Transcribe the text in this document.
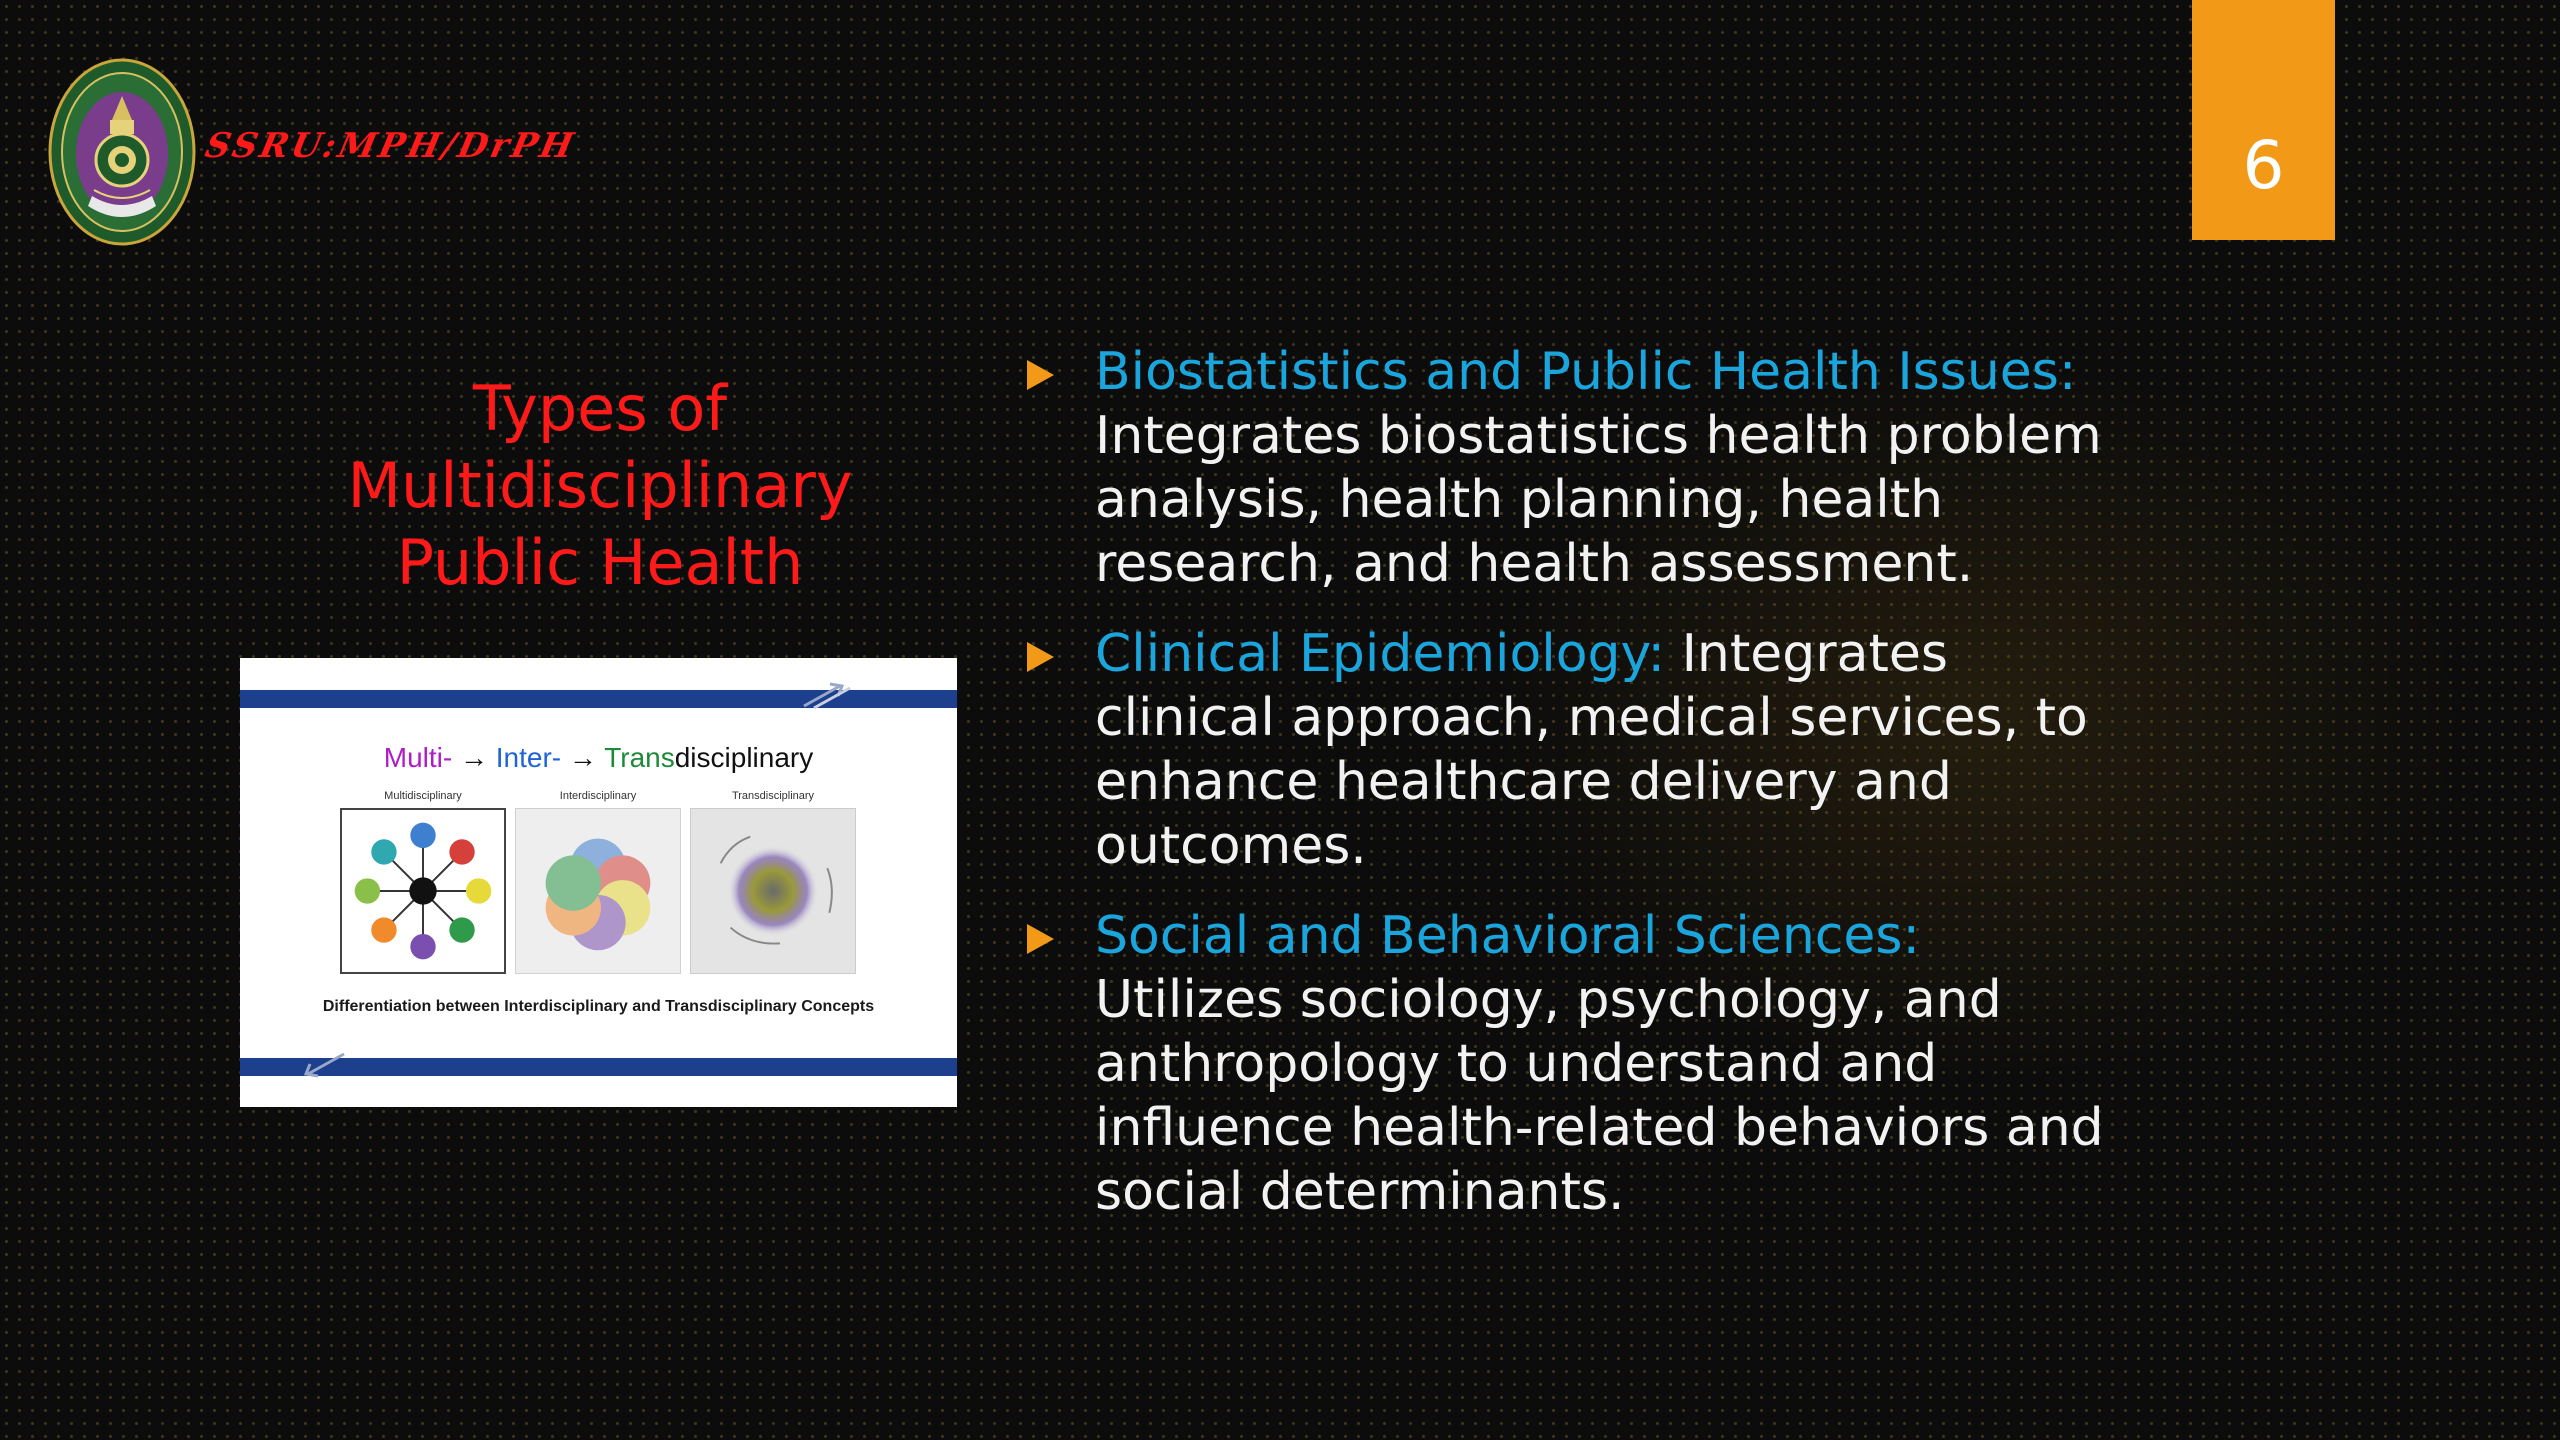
SSRU:MPH/DrPH	6
Types of
Multidisciplinary
Public Health
Multi- → Inter- → Transdisciplinary
Multidisciplinary	Interdisciplinary	Transdisciplinary
Differentiation between Interdisciplinary and Transdisciplinary Concepts
Biostatistics and Public Health Issues: Integrates biostatistics health problem analysis, health planning, health research, and health assessment.
Clinical Epidemiology: Integrates clinical approach, medical services, to enhance healthcare delivery and outcomes.
Social and Behavioral Sciences: Utilizes sociology, psychology, and anthropology to understand and influence health-related behaviors and social determinants.
